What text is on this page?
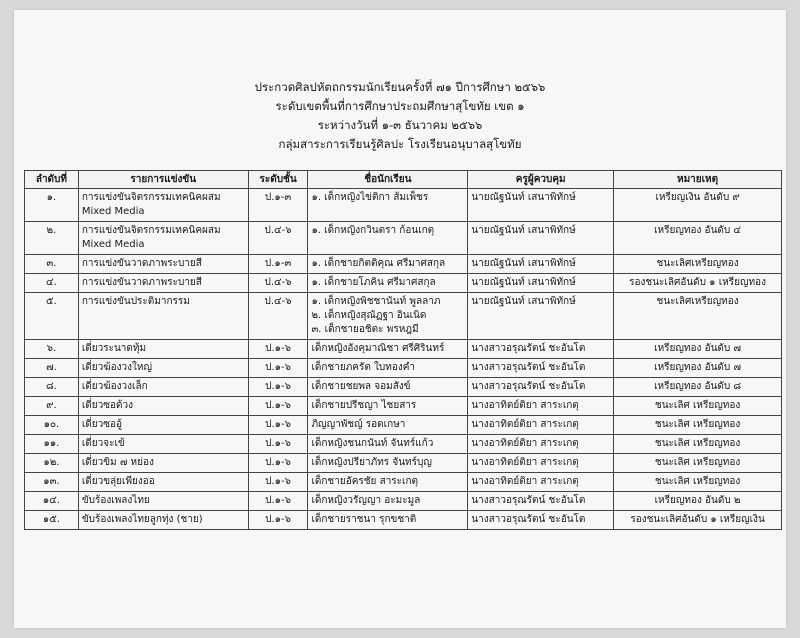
ประกวดศิลปหัตถกรรมนักเรียนครั้งที่ ๗๑ ปีการศึกษา ๒๕๖๖
ระดับเขตพื้นที่การศึกษาประถมศึกษาสุโขทัย เขต ๑
ระหว่างวันที่ ๑-๓ ธันวาคม ๒๕๖๖
กลุ่มสาระการเรียนรู้ศิลปะ โรงเรียนอนุบาลสุโขทัย
ลำดับที่	รายการแข่งขัน	ระดับชั้น	ชื่อนักเรียน	ครูผู้ควบคุม	หมายเหตุ
๑.	การแข่งขันจิตรกรรมเทคนิคผสม
Mixed Media	ป.๑-๓	๑. เด็กหญิงไข่ติกา ส้มเพ็ชร	นายณัฐนันท์ เสนาพิทักษ์	เหรียญเงิน อันดับ ๙
๒.	การแข่งขันจิตรกรรมเทคนิคผสม
Mixed Media	ป.๔-๖	๑. เด็กหญิงกวินตรา ก้อนเกตุ	นายณัฐนันท์ เสนาพิทักษ์	เหรียญทอง อันดับ ๔
๓.	การแข่งขันวาดภาพระบายสี	ป.๑-๓	๑. เด็กชายกิตติคุณ ศรีมาศสกุล	นายณัฐนันท์ เสนาพิทักษ์	ชนะเลิศเหรียญทอง
๔.	การแข่งขันวาดภาพระบายสี	ป.๔-๖	๑. เด็กชายโภคิน ศรีมาศสกุล	นายณัฐนันท์ เสนาพิทักษ์	รองชนะเลิศอันดับ ๑ เหรียญทอง
๕.	การแข่งขันประติมากรรม	ป.๔-๖	๑. เด็กหญิงพิชชานันท์ พูลลาภ
๒. เด็กหญิงสุณัฏฐา อินเนิด
๓. เด็กชายอชิตะ พรหฎมี	นายณัฐนันท์ เสนาพิทักษ์	ชนะเลิศเหรียญทอง
๖.	เดี่ยวระนาดทุ้ม	ป.๑-๖	เด็กหญิงอังคุมาณิชา ศรีศิรินทร์	นางสาวอรุณรัตน์ ชะอันโต	เหรียญทอง อันดับ ๗
๗.	เดี่ยวฆ้องวงใหญ่	ป.๑-๖	เด็กชายภครัต ใบทองคำ	นางสาวอรุณรัตน์ ชะอันโต	เหรียญทอง อันดับ ๗
๘.	เดี่ยวฆ้องวงเล็ก	ป.๑-๖	เด็กชายชยพล จอมสังข์	นางสาวอรุณรัตน์ ชะอันโต	เหรียญทอง อันดับ ๘
๙.	เดี่ยวซอด้วง	ป.๑-๖	เด็กชายปรีชญา ไชยสาร	นางอาทิตย์ติยา สาระเกตุ	ชนะเลิศ เหรียญทอง
๑๐.	เดี่ยวซออู้	ป.๑-๖	ภิญญาพัชญ์ รอดเกษา	นางอาทิตย์ติยา สาระเกตุ	ชนะเลิศ เหรียญทอง
๑๑.	เดี่ยวจะเข้	ป.๑-๖	เด็กหญิงชนกนันท์ จันทร์แก้ว	นางอาทิตย์ติยา สาระเกตุ	ชนะเลิศ เหรียญทอง
๑๒.	เดี่ยวขิม ๗ หย่อง	ป.๑-๖	เด็กหญิงปรียาภัทร จันทร์บุญ	นางอาทิตย์ติยา สาระเกตุ	ชนะเลิศ เหรียญทอง
๑๓.	เดี่ยวขลุ่ยเพียงออ	ป.๑-๖	เด็กชายอัครชัย สาระเกตุ	นางอาทิตย์ติยา สาระเกตุ	ชนะเลิศ เหรียญทอง
๑๔.	ขับร้องเพลงไทย	ป.๑-๖	เด็กหญิงวรัญญา อะมะมูล	นางสาวอรุณรัตน์ ชะอันโต	เหรียญทอง อันดับ ๒
๑๕.	ขับร้องเพลงไทยลูกทุ่ง (ชาย)	ป.๑-๖	เด็กชายราชนา รุกขชาติ	นางสาวอรุณรัตน์ ชะอันโต	รองชนะเลิศอันดับ ๑ เหรียญเงิน
